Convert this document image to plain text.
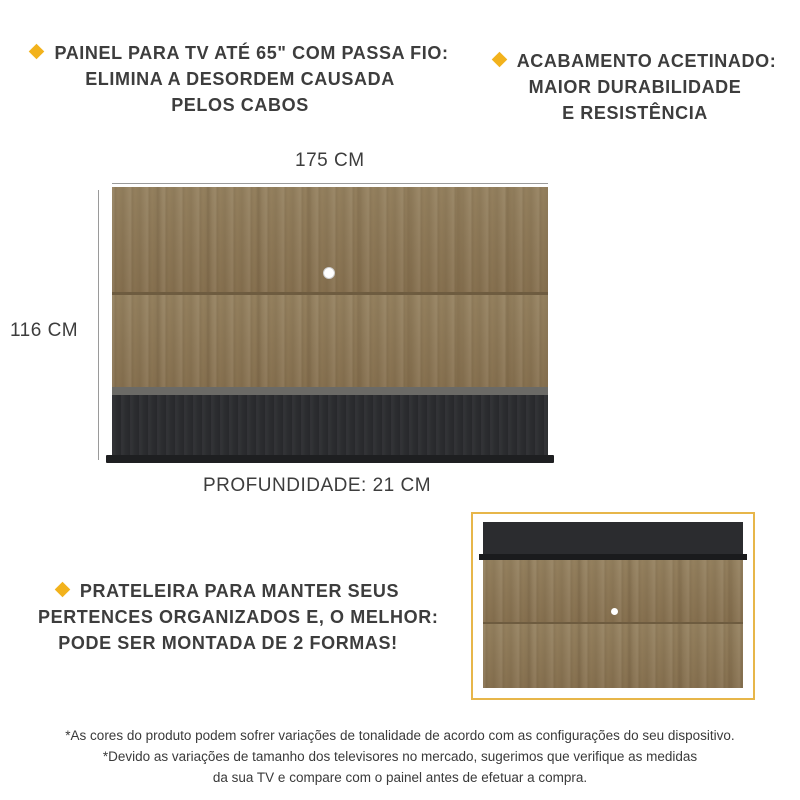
PAINEL PARA TV ATÉ 65" COM PASSA FIO:
ELIMINA A DESORDEM CAUSADA
PELOS CABOS
ACABAMENTO ACETINADO:
MAIOR DURABILIDADE
E RESISTÊNCIA
175 CM
116 CM
PROFUNDIDADE: 21 CM
PRATELEIRA PARA MANTER SEUS
PERTENCES ORGANIZADOS E, O MELHOR:
PODE SER MONTADA DE 2 FORMAS!
*As cores do produto podem sofrer variações de tonalidade de acordo com as configurações do seu dispositivo.
*Devido as variações de tamanho dos televisores no mercado, sugerimos que verifique as medidas
da sua TV e compare com o painel antes de efetuar a compra.
